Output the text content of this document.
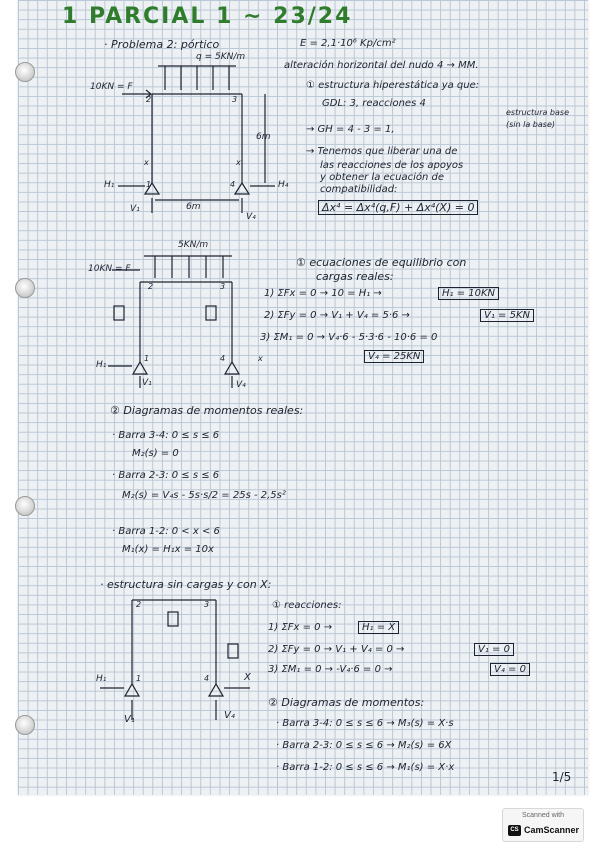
1 PARCIAL 1 ~ 23/24
· Problema 2: pórtico	E = 2,1·10⁶ Kp/cm²
q = 5KN/m
alteración horizontal del nudo 4 → MM.
10KN = F
2	3
1	4
6m
6m
H₁
V₁
H₄
V₄
x	x
① estructura hiperestática ya que:
GDL: 3, reacciones 4
→ GH = 4 - 3 = 1,
estructura base
(sin la base)
→ Tenemos que liberar una de
las reacciones de los apoyos
y obtener la ecuación de
compatibilidad:
Δx⁴ = Δx⁴(q,F) + Δx⁴(X) = 0
10KN = F
5KN/m
2	3
1	4
H₁
V₁	V₄
x
① ecuaciones de equilibrio con
cargas reales:
1) ΣFx = 0 → 10 = H₁ →	H₁ = 10KN
2) ΣFy = 0 → V₁ + V₄ = 5·6 →	V₁ = 5KN
3) ΣM₁ = 0 → V₄·6 - 5·3·6 - 10·6 = 0
V₄ = 25KN
② Diagramas de momentos reales:
· Barra 3-4: 0 ≤ s ≤ 6
M₂(s) = 0
· Barra 2-3: 0 ≤ s ≤ 6
M₂(s) = V₄s - 5s·s/2 = 25s - 2,5s²
· Barra 1-2: 0 < x < 6
M₁(x) = H₁x = 10x
· estructura sin cargas y con X:
2	3
1	4
H₁
V₁	V₄
X
① reacciones:
1) ΣFx = 0 →	H₁ = X
2) ΣFy = 0 → V₁ + V₄ = 0 →	V₁ = 0
3) ΣM₁ = 0 → -V₄·6 = 0 →	V₄ = 0
② Diagramas de momentos:
· Barra 3-4: 0 ≤ s ≤ 6 → M₃(s) = X·s
· Barra 2-3: 0 ≤ s ≤ 6 → M₂(s) = 6X
· Barra 1-2: 0 ≤ s ≤ 6 → M₁(s) = X·x
1/5
Scanned with
CS CamScanner
